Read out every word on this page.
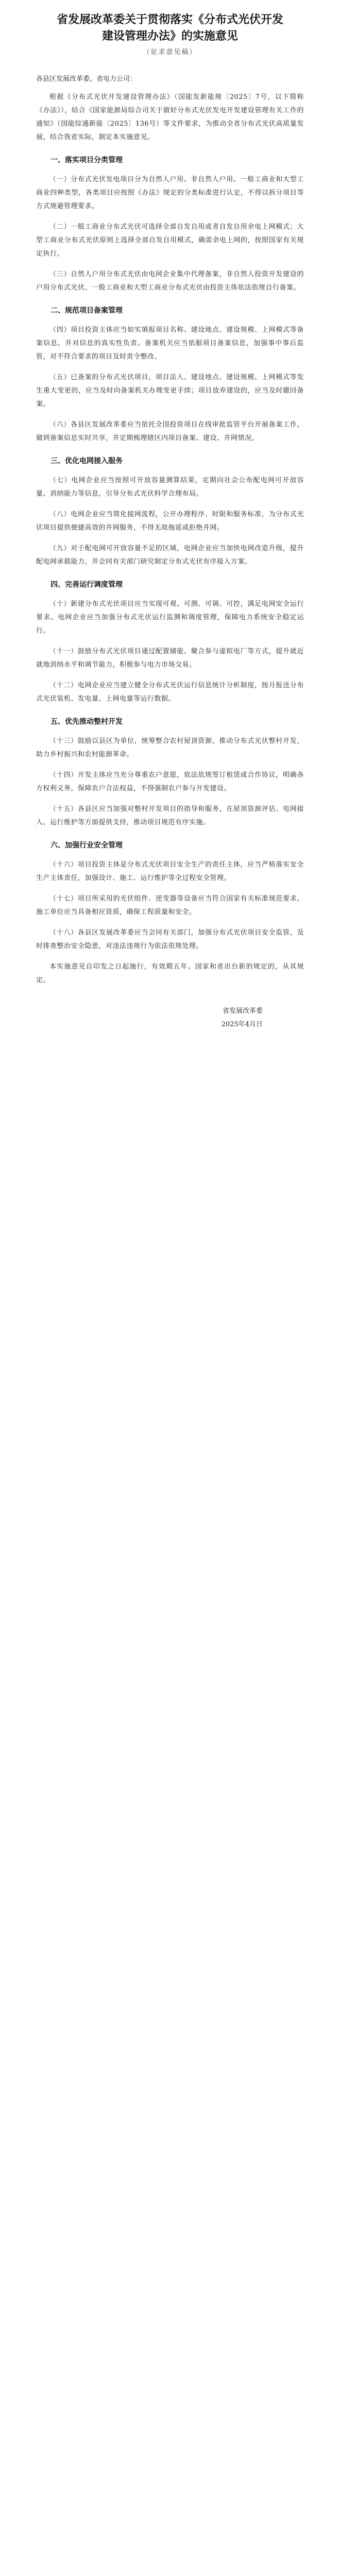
省发展改革委关于贯彻落实《分布式光伏开发
建设管理办法》的实施意见
（征求意见稿）
各县区发展改革委、省电力公司：

根据《分布式光伏开发建设管理办法》（国能发新能规〔2025〕7号，以下简称《办法》），结合《国家能源局综合司关于做好分布式光伏发电开发建设管理有关工作的通知》（国能综通新能〔2025〕136号）等文件要求，为推动全省分布式光伏高质量发展，结合我省实际，制定本实施意见。

一、落实项目分类管理

（一）分布式光伏发电项目分为自然人户用、非自然人户用、一般工商业和大型工商业四种类型，各类项目应按照《办法》规定的分类标准进行认定，不得以拆分项目等方式规避管理要求。

（二）一般工商业分布式光伏可选择全部自发自用或者自发自用余电上网模式；大型工商业分布式光伏原则上选择全部自发自用模式，确需余电上网的，按照国家有关规定执行。

（三）自然人户用分布式光伏由电网企业集中代理备案，非自然人投资开发建设的户用分布式光伏、一般工商业和大型工商业分布式光伏由投资主体依法依规自行备案。

二、规范项目备案管理

（四）项目投资主体应当如实填报项目名称、建设地点、建设规模、上网模式等备案信息，并对信息的真实性负责。备案机关应当依据项目备案信息，加强事中事后监管，对不符合要求的项目及时责令整改。

（五）已备案的分布式光伏项目，项目法人、建设地点、建设规模、上网模式等发生重大变更的，应当及时向备案机关办理变更手续；项目放弃建设的，应当及时撤回备案。

（六）各县区发展改革委应当依托全国投资项目在线审批监管平台开展备案工作，做到备案信息实时共享，并定期梳理辖区内项目备案、建设、并网情况。

三、优化电网接入服务

（七）电网企业应当按照可开放容量测算结果，定期向社会公布配电网可开放容量、消纳能力等信息，引导分布式光伏科学合理布局。

（八）电网企业应当简化接网流程，公开办理程序、时限和服务标准，为分布式光伏项目提供便捷高效的并网服务，不得无故拖延或拒绝并网。

（九）对于配电网可开放容量不足的区域，电网企业应当加快电网改造升级，提升配电网承载能力，并会同有关部门研究制定分布式光伏有序接入方案。

四、完善运行调度管理

（十）新建分布式光伏项目应当实现可观、可测、可调、可控，满足电网安全运行要求。电网企业应当加强分布式光伏运行监测和调度管理，保障电力系统安全稳定运行。

（十一）鼓励分布式光伏项目通过配置储能、聚合参与虚拟电厂等方式，提升就近就地消纳水平和调节能力，积极参与电力市场交易。

（十二）电网企业应当建立健全分布式光伏运行信息统计分析制度，按月报送分布式光伏装机、发电量、上网电量等运行数据。

五、优先推动整村开发

（十三）鼓励以县区为单位，统筹整合农村屋顶资源，推动分布式光伏整村开发，助力乡村振兴和农村能源革命。

（十四）开发主体应当充分尊重农户意愿，依法依规签订租赁或合作协议，明确各方权利义务，保障农户合法权益，不得强制农户参与开发建设。

（十五）各县区应当加强对整村开发项目的指导和服务，在屋顶资源评估、电网接入、运行维护等方面提供支持，推动项目规范有序实施。

六、加强行业安全管理

（十六）项目投资主体是分布式光伏项目安全生产的责任主体，应当严格落实安全生产主体责任，加强设计、施工、运行维护等全过程安全管理。

（十七）项目所采用的光伏组件、逆变器等设备应当符合国家有关标准规范要求，施工单位应当具备相应资质，确保工程质量和安全。

（十八）各县区发展改革委应当会同有关部门，加强分布式光伏项目安全监管，及时排查整治安全隐患，对违法违规行为依法依规处理。

本实施意见自印发之日起施行，有效期五年。国家和省出台新的规定的，从其规定。

省发展改革委
2025年4月日
